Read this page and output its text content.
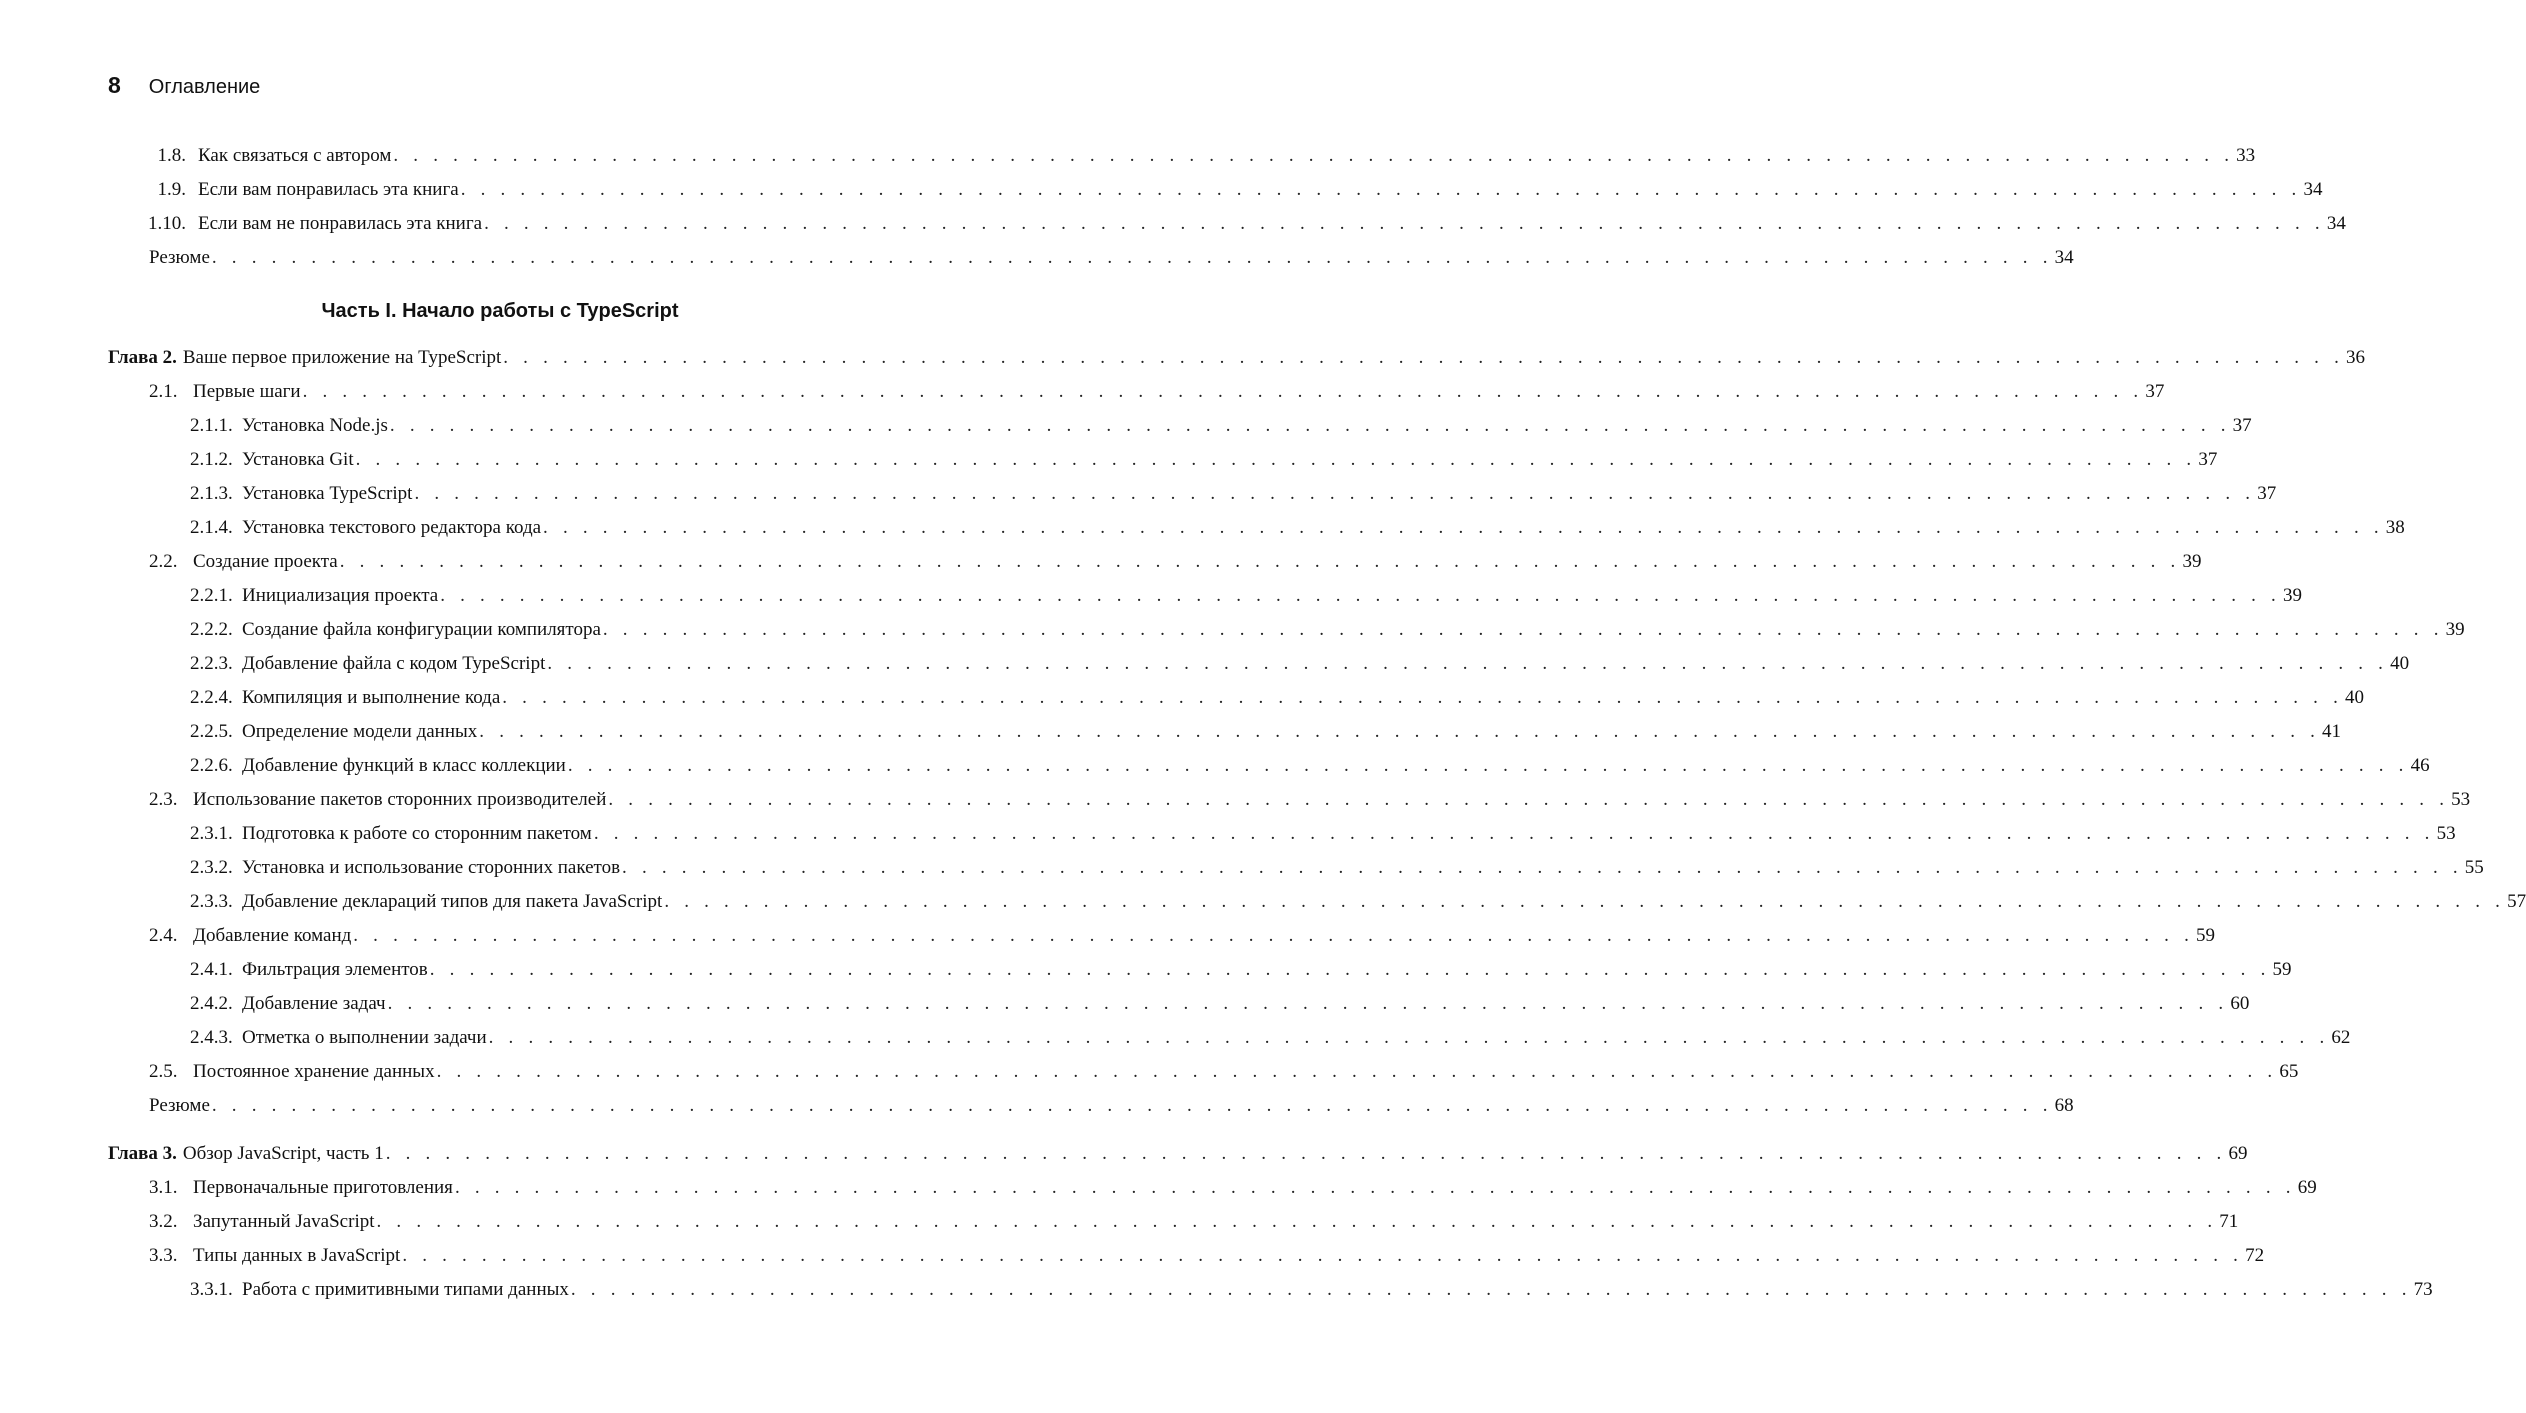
8 Оглавление
1.8. Как связаться с автором . . . . . . . . . . . . . . . . . . . . . . . . . . . . . . . . . . . . . . . . . . . . . . . . . . . . . . . . . . . . . . . . . . . . . . . . . . . . . . . . . . . . . . . . . . . . . 33
1.9. Если вам понравилась эта книга . . . . . . . . . . . . . . . . . . . . . . . . . . . . . . . . . . . . . . . . . . . . . . . . . . . . . . . . . . . . . . . . . . . . . . . . . . . . . . . . . . . . . . . . . . . . . 34
1.10. Если вам не понравилась эта книга . . . . . . . . . . . . . . . . . . . . . . . . . . . . . . . . . . . . . . . . . . . . . . . . . . . . . . . . . . . . . . . . . . . . . . . . . . . . . . . . . . . . . . . . . . . . . 34
Резюме . . . . . . . . . . . . . . . . . . . . . . . . . . . . . . . . . . . . . . . . . . . . . . . . . . . . . . . . . . . . . . . . . . . . . . . . . . . . . . . . . . . . . . . . . . . . . 34
Часть I. Начало работы с TypeScript
Глава 2. Ваше первое приложение на TypeScript . . . . . . . . . . . . . . . . . . . . . . . . . . . . . . . . . . . . . . . . . . . . . . . . . . . . . . . . . . . . . . . . . . . . . . . . . . . . . . . . . . . . . . . . . . . . . 36
2.1. Первые шаги . . . . . . . . . . . . . . . . . . . . . . . . . . . . . . . . . . . . . . . . . . . . . . . . . . . . . . . . . . . . . . . . . . . . . . . . . . . . . . . . . . . . . . . . . . . . . 37
2.1.1. Установка Node.js . . . . . . . . . . . . . . . . . . . . . . . . . . . . . . . . . . . . . . . . . . . . . . . . . . . . . . . . . . . . . . . . . . . . . . . . . . . . . . . . . . . . . . . . . . . . . 37
2.1.2. Установка Git . . . . . . . . . . . . . . . . . . . . . . . . . . . . . . . . . . . . . . . . . . . . . . . . . . . . . . . . . . . . . . . . . . . . . . . . . . . . . . . . . . . . . . . . . . . . . 37
2.1.3. Установка TypeScript . . . . . . . . . . . . . . . . . . . . . . . . . . . . . . . . . . . . . . . . . . . . . . . . . . . . . . . . . . . . . . . . . . . . . . . . . . . . . . . . . . . . . . . . . . . . . 37
2.1.4. Установка текстового редактора кода . . . . . . . . . . . . . . . . . . . . . . . . . . . . . . . . . . . . . . . . . . . . . . . . . . . . . . . . . . . . . . . . . . . . . . . . . . . . . . . . . . . . . . . . . . . . . 38
2.2. Создание проекта . . . . . . . . . . . . . . . . . . . . . . . . . . . . . . . . . . . . . . . . . . . . . . . . . . . . . . . . . . . . . . . . . . . . . . . . . . . . . . . . . . . . . . . . . . . . . 39
2.2.1. Инициализация проекта . . . . . . . . . . . . . . . . . . . . . . . . . . . . . . . . . . . . . . . . . . . . . . . . . . . . . . . . . . . . . . . . . . . . . . . . . . . . . . . . . . . . . . . . . . . . . 39
2.2.2. Создание файла конфигурации компилятора . . . . . . . . . . . . . . . . . . . . . . . . . . . . . . . . . . . . . . . . . . . . . . . . . . . . . . . . . . . . . . . . . . . . . . . . . . . . . . . . . . . . . . . . . . . . . 39
2.2.3. Добавление файла с кодом TypeScript . . . . . . . . . . . . . . . . . . . . . . . . . . . . . . . . . . . . . . . . . . . . . . . . . . . . . . . . . . . . . . . . . . . . . . . . . . . . . . . . . . . . . . . . . . . . . 40
2.2.4. Компиляция и выполнение кода . . . . . . . . . . . . . . . . . . . . . . . . . . . . . . . . . . . . . . . . . . . . . . . . . . . . . . . . . . . . . . . . . . . . . . . . . . . . . . . . . . . . . . . . . . . . . 40
2.2.5. Определение модели данных . . . . . . . . . . . . . . . . . . . . . . . . . . . . . . . . . . . . . . . . . . . . . . . . . . . . . . . . . . . . . . . . . . . . . . . . . . . . . . . . . . . . . . . . . . . . . 41
2.2.6. Добавление функций в класс коллекции . . . . . . . . . . . . . . . . . . . . . . . . . . . . . . . . . . . . . . . . . . . . . . . . . . . . . . . . . . . . . . . . . . . . . . . . . . . . . . . . . . . . . . . . . . . . . 46
2.3. Использование пакетов сторонних производителей . . . . . . . . . . . . . . . . . . . . . . . . . . . . . . . . . . . . . . . . . . . . . . . . . . . . . . . . . . . . . . . . . . . . . . . . . . . . . . . . . . . . . . . . . . . . . 53
2.3.1. Подготовка к работе со сторонним пакетом . . . . . . . . . . . . . . . . . . . . . . . . . . . . . . . . . . . . . . . . . . . . . . . . . . . . . . . . . . . . . . . . . . . . . . . . . . . . . . . . . . . . . . . . . . . . . 53
2.3.2. Установка и использование сторонних пакетов . . . . . . . . . . . . . . . . . . . . . . . . . . . . . . . . . . . . . . . . . . . . . . . . . . . . . . . . . . . . . . . . . . . . . . . . . . . . . . . . . . . . . . . . . . . . . 55
2.3.3. Добавление деклараций типов для пакета JavaScript . . . . . . . . . . . . . . . . . . . . . . . . . . . . . . . . . . . . . . . . . . . . . . . . . . . . . . . . . . . . . . . . . . . . . . . . . . . . . . . . . . . . . . . . . . . . . 57
2.4. Добавление команд . . . . . . . . . . . . . . . . . . . . . . . . . . . . . . . . . . . . . . . . . . . . . . . . . . . . . . . . . . . . . . . . . . . . . . . . . . . . . . . . . . . . . . . . . . . . . 59
2.4.1. Фильтрация элементов . . . . . . . . . . . . . . . . . . . . . . . . . . . . . . . . . . . . . . . . . . . . . . . . . . . . . . . . . . . . . . . . . . . . . . . . . . . . . . . . . . . . . . . . . . . . . 59
2.4.2. Добавление задач . . . . . . . . . . . . . . . . . . . . . . . . . . . . . . . . . . . . . . . . . . . . . . . . . . . . . . . . . . . . . . . . . . . . . . . . . . . . . . . . . . . . . . . . . . . . . 60
2.4.3. Отметка о выполнении задачи . . . . . . . . . . . . . . . . . . . . . . . . . . . . . . . . . . . . . . . . . . . . . . . . . . . . . . . . . . . . . . . . . . . . . . . . . . . . . . . . . . . . . . . . . . . . . 62
2.5. Постоянное хранение данных . . . . . . . . . . . . . . . . . . . . . . . . . . . . . . . . . . . . . . . . . . . . . . . . . . . . . . . . . . . . . . . . . . . . . . . . . . . . . . . . . . . . . . . . . . . . . 65
Резюме . . . . . . . . . . . . . . . . . . . . . . . . . . . . . . . . . . . . . . . . . . . . . . . . . . . . . . . . . . . . . . . . . . . . . . . . . . . . . . . . . . . . . . . . . . . . . 68
Глава 3. Обзор JavaScript, часть 1 . . . . . . . . . . . . . . . . . . . . . . . . . . . . . . . . . . . . . . . . . . . . . . . . . . . . . . . . . . . . . . . . . . . . . . . . . . . . . . . . . . . . . . . . . . . . . 69
3.1. Первоначальные приготовления . . . . . . . . . . . . . . . . . . . . . . . . . . . . . . . . . . . . . . . . . . . . . . . . . . . . . . . . . . . . . . . . . . . . . . . . . . . . . . . . . . . . . . . . . . . . . 69
3.2. Запутанный JavaScript . . . . . . . . . . . . . . . . . . . . . . . . . . . . . . . . . . . . . . . . . . . . . . . . . . . . . . . . . . . . . . . . . . . . . . . . . . . . . . . . . . . . . . . . . . . . . 71
3.3. Типы данных в JavaScript . . . . . . . . . . . . . . . . . . . . . . . . . . . . . . . . . . . . . . . . . . . . . . . . . . . . . . . . . . . . . . . . . . . . . . . . . . . . . . . . . . . . . . . . . . . . . 72
3.3.1. Работа с примитивными типами данных . . . . . . . . . . . . . . . . . . . . . . . . . . . . . . . . . . . . . . . . . . . . . . . . . . . . . . . . . . . . . . . . . . . . . . . . . . . . . . . . . . . . . . . . . . . . . 73
